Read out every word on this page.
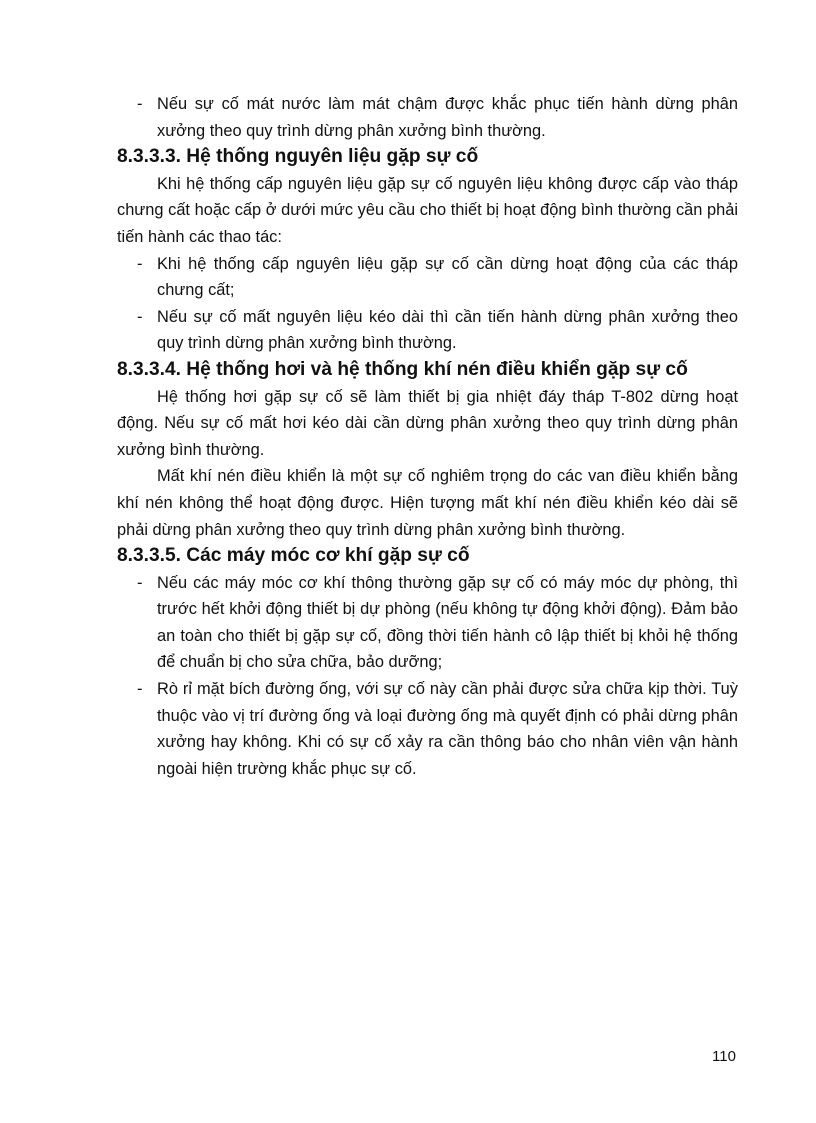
- Nếu sự cố mát nước làm mát chậm được khắc phục tiến hành dừng phân xưởng theo quy trình dừng phân xưởng bình thường.
8.3.3.3. Hệ thống nguyên liệu gặp sự cố

Khi hệ thống cấp nguyên liệu gặp sự cố nguyên liệu không được cấp vào tháp chưng cất hoặc cấp ở dưới mức yêu cầu cho thiết bị hoạt động bình thường cần phải tiến hành các thao tác:

- Khi hệ thống cấp nguyên liệu gặp sự cố cần dừng hoạt động của các tháp chưng cất;
- Nếu sự cố mất nguyên liệu kéo dài thì cần tiến hành dừng phân xưởng theo quy trình dừng phân xưởng bình thường.
8.3.3.4. Hệ thống hơi và hệ thống khí nén điều khiển gặp sự cố

Hệ thống hơi gặp sự cố sẽ làm thiết bị gia nhiệt đáy tháp T-802 dừng hoạt động. Nếu sự cố mất hơi kéo dài cần dừng phân xưởng theo quy trình dừng phân xưởng bình thường.

Mất khí nén điều khiển là một sự cố nghiêm trọng do các van điều khiển bằng khí nén không thể hoạt động được. Hiện tượng mất khí nén điều khiển kéo dài sẽ phải dừng phân xưởng theo quy trình dừng phân xưởng bình thường.

8.3.3.5. Các máy móc cơ khí gặp sự cố
- Nếu các máy móc cơ khí thông thường gặp sự cố có máy móc dự phòng, thì trước hết khởi động thiết bị dự phòng (nếu không tự động khởi động). Đảm bảo an toàn cho thiết bị gặp sự cố, đồng thời tiến hành cô lập thiết bị khỏi hệ thống để chuẩn bị cho sửa chữa, bảo dưỡng;
- Rò rỉ mặt bích đường ống, với sự cố này cần phải được sửa chữa kịp thời. Tuỳ thuộc vào vị trí đường ống và loại đường ống mà quyết định có phải dừng phân xưởng hay không. Khi có sự cố xảy ra cần thông báo cho nhân viên vận hành ngoài hiện trường khắc phục sự cố.
110
